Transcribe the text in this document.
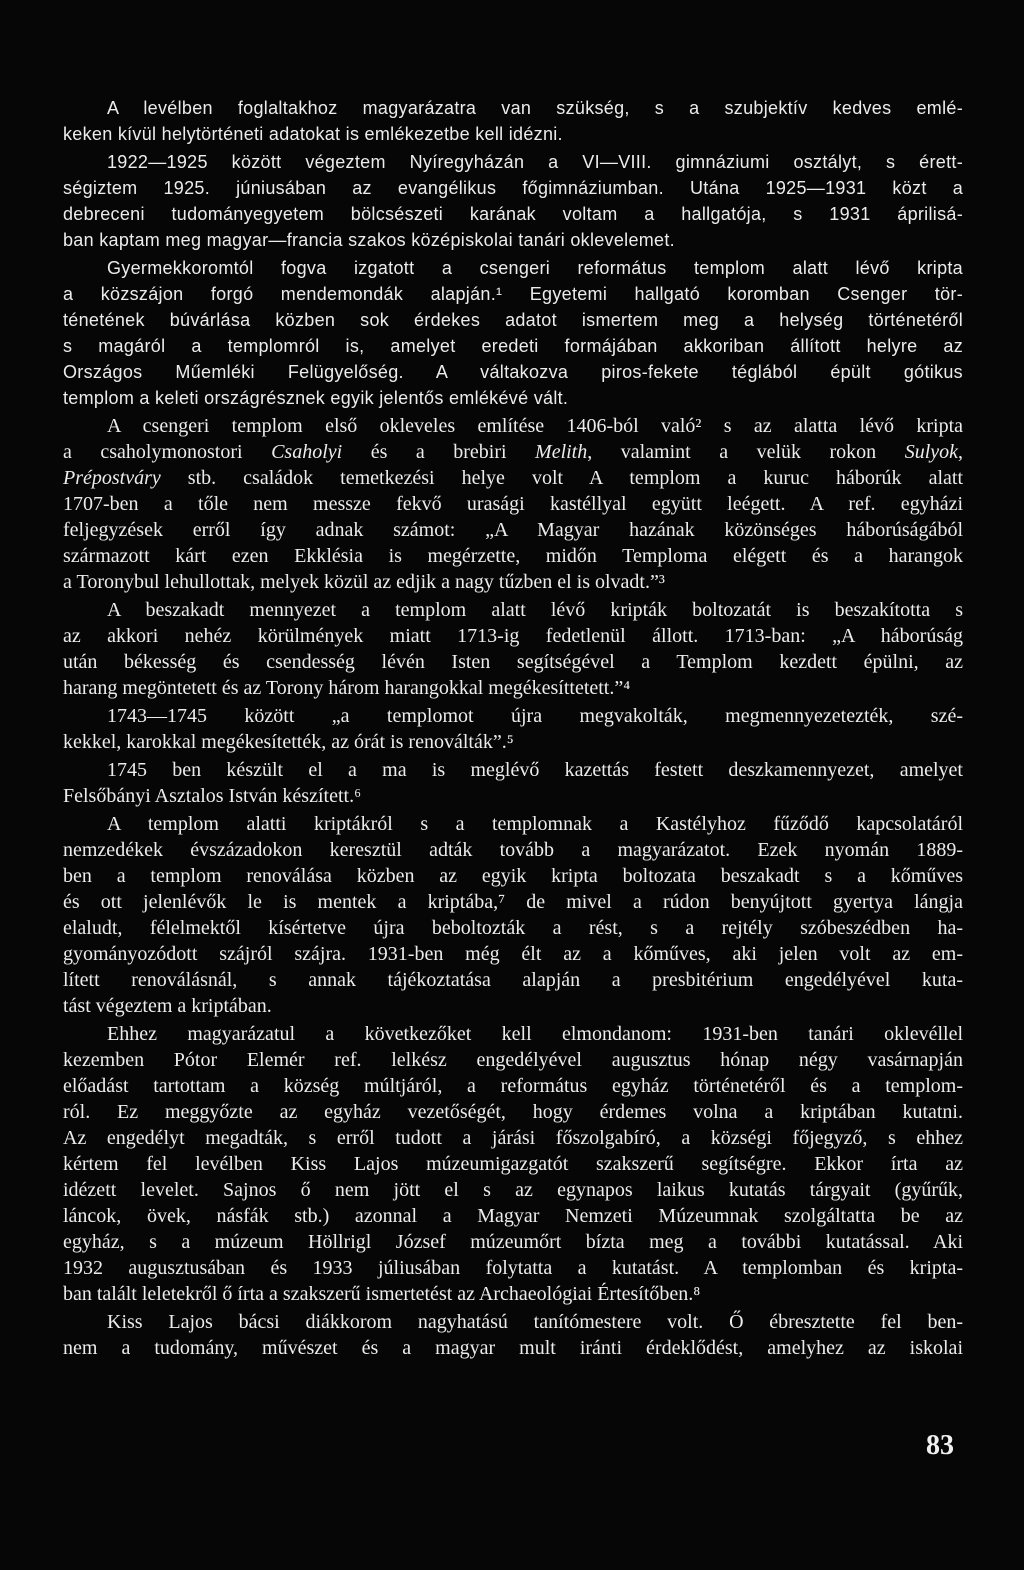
A levélben foglaltakhoz magyarázatra van szükség, s a szubjektív kedves emlé-
keken kívül helytörténeti adatokat is emlékezetbe kell idézni.
1922—1925 között végeztem Nyíregyházán a VI—VIII. gimnáziumi osztályt, s érett-
ségiztem 1925. júniusában az evangélikus főgimnáziumban. Utána 1925—1931 közt a
debreceni tudományegyetem bölcsészeti karának voltam a hallgatója, s 1931 áprilisá-
ban kaptam meg magyar—francia szakos középiskolai tanári oklevelemet.
Gyermekkoromtól fogva izgatott a csengeri református templom alatt lévő kripta
a közszájon forgó mendemondák alapján.¹ Egyetemi hallgató koromban Csenger tör-
ténetének búvárlása közben sok érdekes adatot ismertem meg a helység történetéről
s magáról a templomról is, amelyet eredeti formájában akkoriban állított helyre az
Országos Műemléki Felügyelőség. A váltakozva piros-fekete téglából épült gótikus
templom a keleti országrésznek egyik jelentős emlékévé vált.
A csengeri templom első okleveles említése 1406-ból való² s az alatta lévő kripta
a csaholymonostori Csaholyi és a brebiri Melith, valamint a velük rokon Sulyok,
Prépostváry stb. családok temetkezési helye volt A templom a kuruc háborúk alatt
1707-ben a tőle nem messze fekvő urasági kastéllyal együtt leégett. A ref. egyházi
feljegyzések erről így adnak számot: „A Magyar hazának közönséges háborúságából
származott kárt ezen Ekklésia is megérzette, midőn Temploma elégett és a harangok
a Toronybul lehullottak, melyek közül az edjik a nagy tűzben el is olvadt.”³
A beszakadt mennyezet a templom alatt lévő kripták boltozatát is beszakította s
az akkori nehéz körülmények miatt 1713-ig fedetlenül állott. 1713-ban: „A háborúság
után békesség és csendesség lévén Isten segítségével a Templom kezdett épülni, az
harang megöntetett és az Torony három harangokkal megékesíttetett.”⁴
1743—1745 között „a templomot újra megvakolták, megmennyezetezték, szé-
kekkel, karokkal megékesítették, az órát is renoválták”.⁵
1745 ben készült el a ma is meglévő kazettás festett deszkamennyezet, amelyet
Felsőbányi Asztalos István készített.⁶
A templom alatti kriptákról s a templomnak a Kastélyhoz fűződő kapcsolatáról
nemzedékek évszázadokon keresztül adták tovább a magyarázatot. Ezek nyomán 1889-
ben a templom renoválása közben az egyik kripta boltozata beszakadt s a kőműves
és ott jelenlévők le is mentek a kriptába,⁷ de mivel a rúdon benyújtott gyertya lángja
elaludt, félelmektől kísértetve újra beboltozták a rést, s a rejtély szóbeszédben ha-
gyományozódott szájról szájra. 1931-ben még élt az a kőműves, aki jelen volt az em-
lített renoválásnál, s annak tájékoztatása alapján a presbitérium engedélyével kuta-
tást végeztem a kriptában.
Ehhez magyarázatul a következőket kell elmondanom: 1931-ben tanári oklevéllel
kezemben Pótor Elemér ref. lelkész engedélyével augusztus hónap négy vasárnapján
előadást tartottam a község múltjáról, a református egyház történetéről és a templom-
ról. Ez meggyőzte az egyház vezetőségét, hogy érdemes volna a kriptában kutatni.
Az engedélyt megadták, s erről tudott a járási főszolgabíró, a községi főjegyző, s ehhez
kértem fel levélben Kiss Lajos múzeumigazgatót szakszerű segítségre. Ekkor írta az
idézett levelet. Sajnos ő nem jött el s az egynapos laikus kutatás tárgyait (gyűrűk,
láncok, övek, násfák stb.) azonnal a Magyar Nemzeti Múzeumnak szolgáltatta be az
egyház, s a múzeum Höllrigl József múzeumőrt bízta meg a további kutatással. Aki
1932 augusztusában és 1933 júliusában folytatta a kutatást. A templomban és kripta-
ban talált leletekről ő írta a szakszerű ismertetést az Archaeológiai Értesítőben.⁸
Kiss Lajos bácsi diákkorom nagyhatású tanítómestere volt. Ő ébresztette fel ben-
nem a tudomány, művészet és a magyar mult iránti érdeklődést, amelyhez az iskolai
83
